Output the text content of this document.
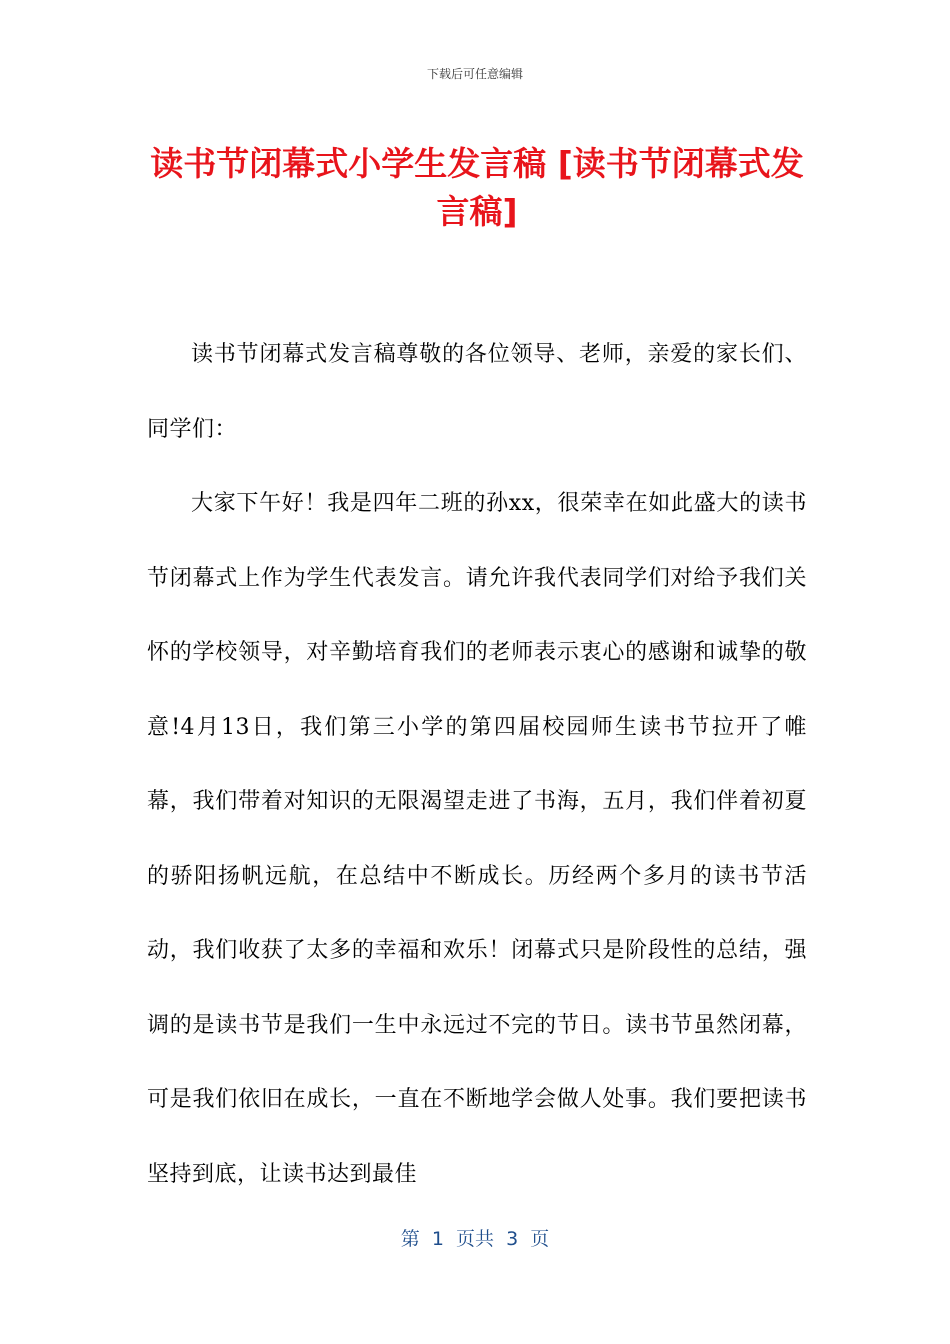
下载后可任意编辑
读书节闭幕式小学生发言稿 [读书节闭幕式发言稿]

读书节闭幕式发言稿尊敬的各位领导、老师，亲爱的家长们、同学们：

大家下午好！我是四年二班的孙xx，很荣幸在如此盛大的读书节闭幕式上作为学生代表发言。请允许我代表同学们对给予我们关怀的学校领导，对辛勤培育我们的老师表示衷心的感谢和诚挚的敬意!4月13日，我们第三小学的第四届校园师生读书节拉开了帷幕，我们带着对知识的无限渴望走进了书海，五月，我们伴着初夏的骄阳扬帆远航，在总结中不断成长。历经两个多月的读书节活动，我们收获了太多的幸福和欢乐！闭幕式只是阶段性的总结，强调的是读书节是我们一生中永远过不完的节日。读书节虽然闭幕，可是我们依旧在成长，一直在不断地学会做人处事。我们要把读书坚持到底，让读书达到最佳

第  1  页共  3  页
